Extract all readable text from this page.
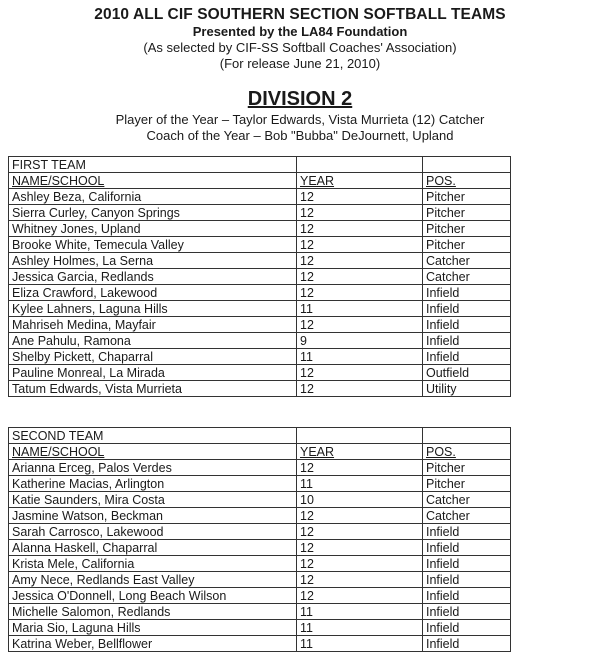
2010 ALL CIF SOUTHERN SECTION SOFTBALL TEAMS
Presented by the LA84 Foundation
(As selected by CIF-SS Softball Coaches' Association)
(For release June 21, 2010)
DIVISION 2
Player of the Year – Taylor Edwards, Vista Murrieta (12) Catcher
Coach of the Year – Bob "Bubba" DeJournett, Upland
FIRST TEAM		
NAME/SCHOOL	YEAR	POS.
Ashley Beza, California	12	Pitcher
Sierra Curley, Canyon Springs	12	Pitcher
Whitney Jones, Upland	12	Pitcher
Brooke White, Temecula Valley	12	Pitcher
Ashley Holmes, La Serna	12	Catcher
Jessica Garcia, Redlands	12	Catcher
Eliza Crawford, Lakewood	12	Infield
Kylee Lahners, Laguna Hills	11	Infield
Mahriseh Medina, Mayfair	12	Infield
Ane Pahulu, Ramona	9	Infield
Shelby Pickett, Chaparral	11	Infield
Pauline Monreal, La Mirada	12	Outfield
Tatum Edwards, Vista Murrieta	12	Utility
SECOND TEAM		
NAME/SCHOOL	YEAR	POS.
Arianna Erceg, Palos Verdes	12	Pitcher
Katherine Macias, Arlington	11	Pitcher
Katie Saunders, Mira Costa	10	Catcher
Jasmine Watson, Beckman	12	Catcher
Sarah Carrosco, Lakewood	12	Infield
Alanna Haskell, Chaparral	12	Infield
Krista Mele, California	12	Infield
Amy Nece, Redlands East Valley	12	Infield
Jessica O'Donnell, Long Beach Wilson	12	Infield
Michelle Salomon, Redlands	11	Infield
Maria Sio, Laguna Hills	11	Infield
Katrina Weber, Bellflower	11	Infield
